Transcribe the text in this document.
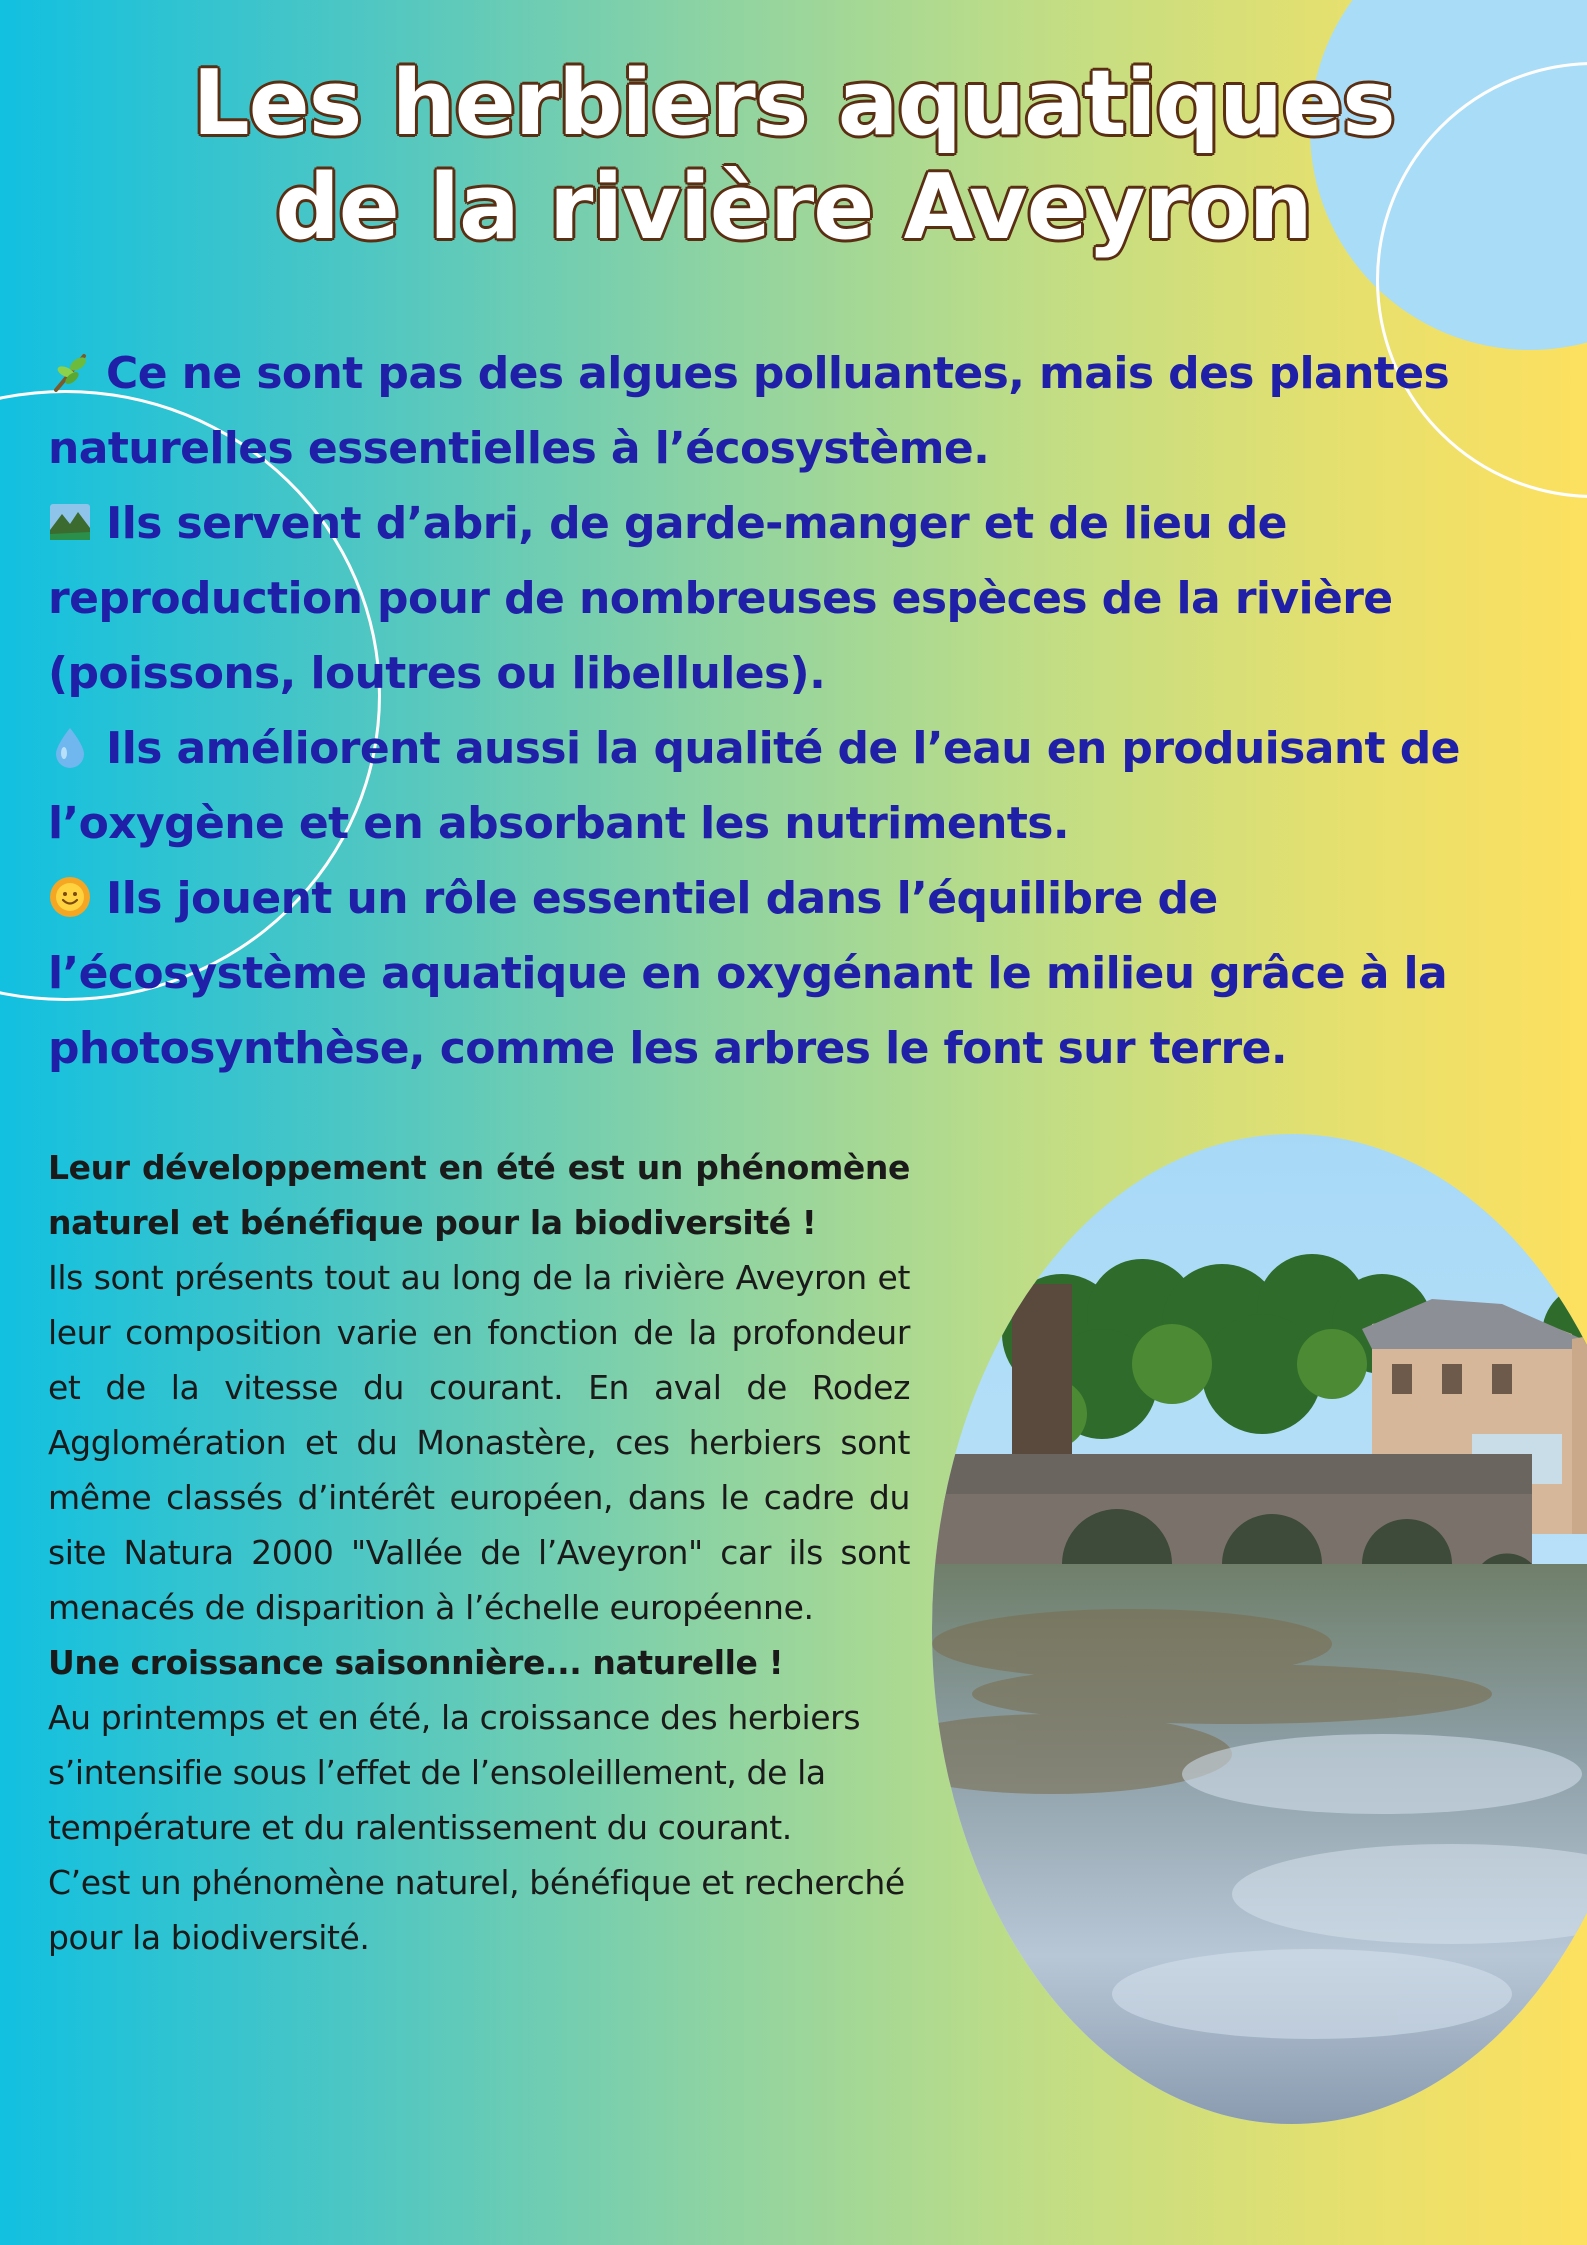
Les herbiers aquatiques
de la rivière Aveyron

Ce ne sont pas des algues polluantes, mais des plantes naturelles essentielles à l’écosystème.

Ils servent d’abri, de garde-manger et de lieu de reproduction pour de nombreuses espèces de la rivière (poissons, loutres ou libellules).

Ils améliorent aussi la qualité de l’eau en produisant de l’oxygène et en absorbant les nutriments.

Ils jouent un rôle essentiel dans l’équilibre de l’écosystème aquatique en oxygénant le milieu grâce à la photosynthèse, comme les arbres le font sur terre.

Leur développement en été est un phénomène naturel et bénéfique pour la biodiversité !

Ils sont présents tout au long de la rivière Aveyron et leur composition varie en fonction de la profondeur et de la vitesse du courant. En aval de Rodez Agglomération et du Monastère, ces herbiers sont même classés d’intérêt européen, dans le cadre du site Natura 2000 "Vallée de l’Aveyron" car ils sont menacés de disparition à l’échelle européenne.

Une croissance saisonnière... naturelle !

Au printemps et en été, la croissance des herbiers s’intensifie sous l’effet de l’ensoleillement, de la température et du ralentissement du courant.

C’est un phénomène naturel, bénéfique et recherché pour la biodiversité.
